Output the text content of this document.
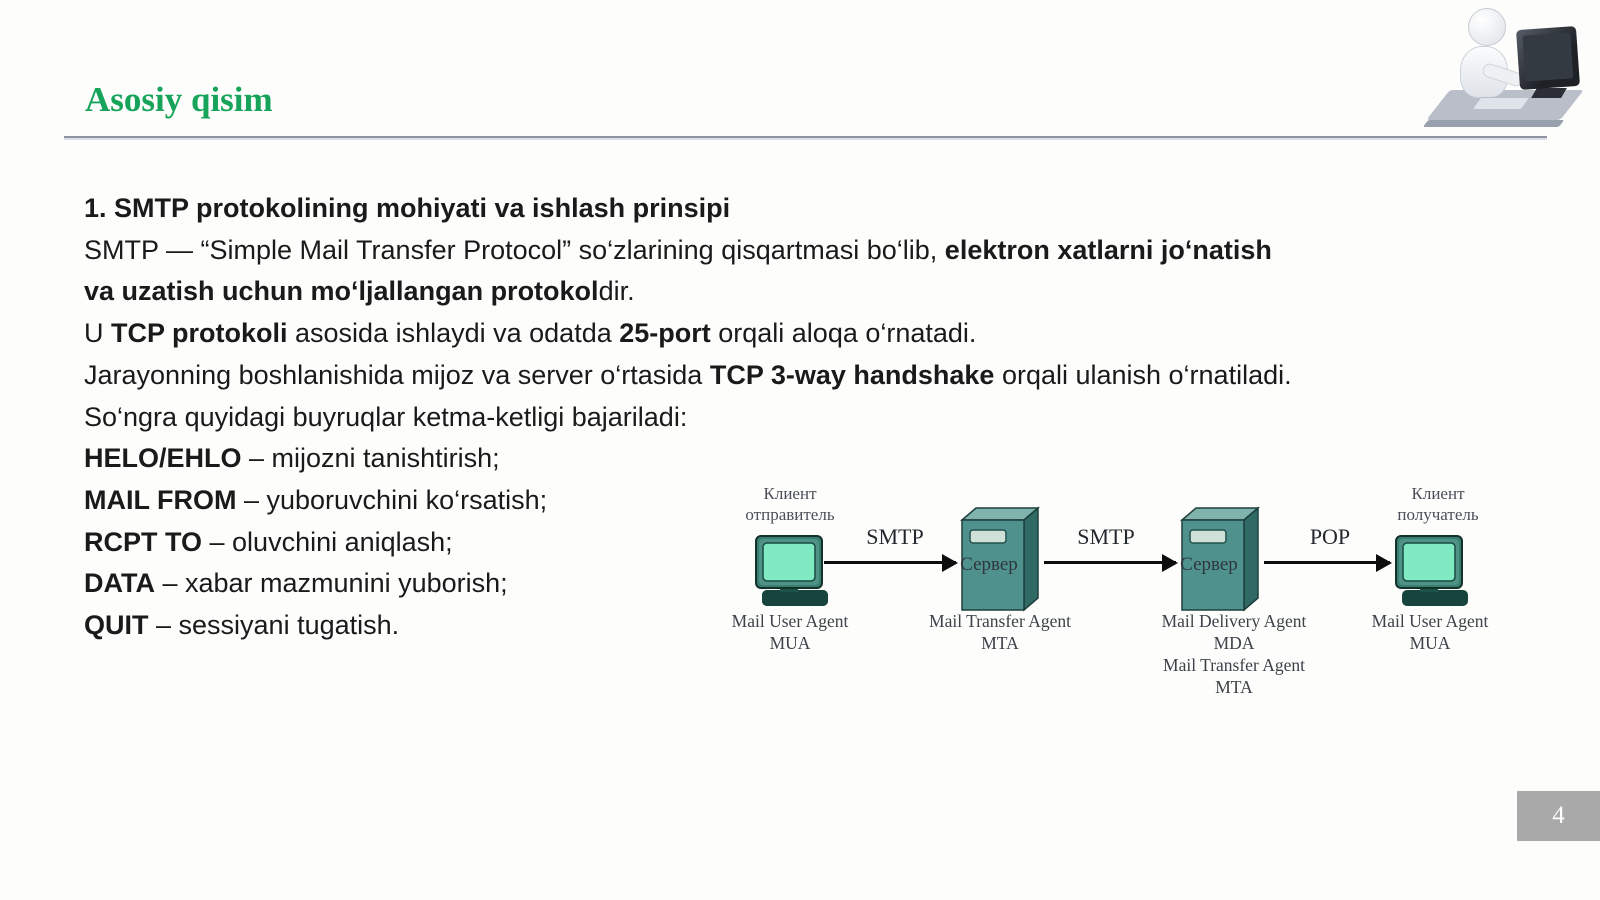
Asosiy qisim
1. SMTP protokolining mohiyati va ishlash prinsipi
SMTP — “Simple Mail Transfer Protocol” so‘zlarining qisqartmasi bo‘lib, elektron xatlarni jo‘natish
va uzatish uchun mo‘ljallangan protokoldir.
U TCP protokoli asosida ishlaydi va odatda 25-port orqali aloqa o‘rnatadi.
Jarayonning boshlanishida mijoz va server o‘rtasida TCP 3-way handshake orqali ulanish o‘rnatiladi.
So‘ngra quyidagi buyruqlar ketma-ketligi bajariladi:
HELO/EHLO – mijozni tanishtirish;
MAIL FROM – yuboruvchini ko‘rsatish;
RCPT TO – oluvchini aniqlash;
DATA – xabar mazmunini yuborish;
QUIT – sessiyani tugatish.
Клиент
отправитель
SMTP
Сервер
SMTP
Сервер
POP
Клиент
получатель
Mail User Agent
MUA
Mail Transfer Agent
MTA
Mail Delivery Agent
MDA
Mail Transfer Agent
MTA
Mail User Agent
MUA
4
